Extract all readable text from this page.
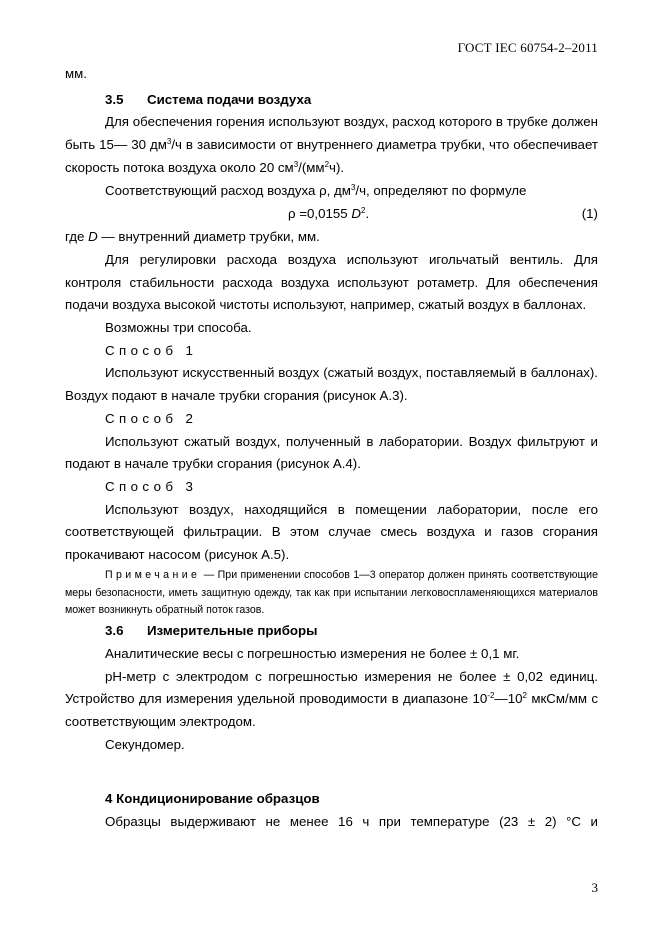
ГОСТ IEC 60754-2–2011

мм.

3.5 Система подачи воздуха

Для обеспечения горения используют воздух, расход которого в трубке должен быть 15— 30 $дм^3/ч$ в зависимости от внутреннего диаметра трубки, что обеспечивает скорость потока воздуха около 20 $см^3/(мм^2ч)$.

Соответствующий расход воздуха ρ, $дм^3/ч$, определяют по формуле

ρ =0,0155 $D^2$.	(1)

где D — внутренний диаметр трубки, мм.

Для регулировки расхода воздуха используют игольчатый вентиль. Для контроля стабильности расхода воздуха используют ротаметр. Для обеспечения подачи воздуха высокой чистоты используют, например, сжатый воздух в баллонах.

Возможны три способа.

Способ 1

Используют искусственный воздух (сжатый воздух, поставляемый в баллонах). Воздух подают в начале трубки сгорания (рисунок А.3).

Способ 2

Используют сжатый воздух, полученный в лаборатории. Воздух фильтруют и подают в начале трубки сгорания (рисунок А.4).

Способ 3

Используют воздух, находящийся в помещении лаборатории, после его соответствующей фильтрации. В этом случае смесь воздуха и газов сгорания прокачивают насосом (рисунок А.5).

Примечание — При применении способов 1—3 оператор должен принять соответствующие меры безопасности, иметь защитную одежду, так как при испытании легковоспламеняющихся материалов может возникнуть обратный поток газов.

3.6 Измерительные приборы

Аналитические весы с погрешностью измерения не более ± 0,1 мг.

pH-метр с электродом с погрешностью измерения не более ± 0,02 единиц. Устройство для измерения удельной проводимости в диапазоне $10^{-2}—10^2$ мкСм/мм с соответствующим электродом.

Секундомер.

4 Кондиционирование образцов

Образцы выдерживают не менее 16 ч при температуре (23 ± 2) °С и

3
